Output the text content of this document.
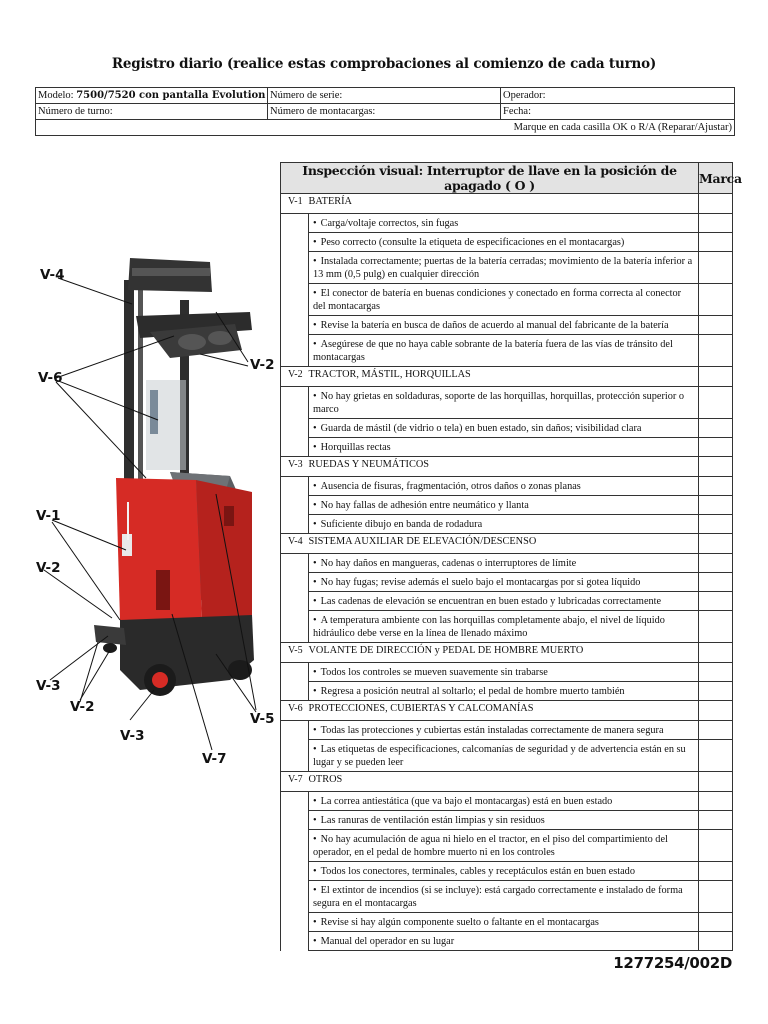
Registro diario (realice estas comprobaciones al comienzo de cada turno)
Modelo: 7500/7520 con pantalla Evolution	Número de serie:	Operador:
Número de turno:	Número de montacargas:	Fecha:
Marque en cada casilla OK o R/A (Reparar/Ajustar)		
V-4
V-6
V-2
V-1
V-2
V-3
V-2
V-3
V-7
V-5
Inspección visual: Interruptor de llave en la posición de apagado ( O )		Marca
V-1	BATERÍA	
	• Carga/voltaje correctos, sin fugas	
	• Peso correcto (consulte la etiqueta de especificaciones en el montacargas)	
	• Instalada correctamente; puertas de la batería cerradas; movimiento de la batería inferior a 13 mm (0,5 pulg) en cualquier dirección	
	• El conector de batería en buenas condiciones y conectado en forma correcta al conector del montacargas	
	• Revise la batería en busca de daños de acuerdo al manual del fabricante de la batería	
	• Asegúrese de que no haya cable sobrante de la batería fuera de las vías de tránsito del montacargas	
V-2	TRACTOR, MÁSTIL, HORQUILLAS	
	• No hay grietas en soldaduras, soporte de las horquillas, horquillas, protección superior o marco	
	• Guarda de mástil (de vidrio o tela) en buen estado, sin daños; visibilidad clara	
	• Horquillas rectas	
V-3	RUEDAS Y NEUMÁTICOS	
	• Ausencia de fisuras, fragmentación, otros daños o zonas planas	
	• No hay fallas de adhesión entre neumático y llanta	
	• Suficiente dibujo en banda de rodadura	
V-4	SISTEMA AUXILIAR DE ELEVACIÓN/DESCENSO	
	• No hay daños en mangueras, cadenas o interruptores de límite	
	• No hay fugas; revise además el suelo bajo el montacargas por si gotea líquido	
	• Las cadenas de elevación se encuentran en buen estado y lubricadas correctamente	
	• A temperatura ambiente con las horquillas completamente abajo, el nivel de líquido hidráulico debe verse en la línea de llenado máximo	
V-5	VOLANTE DE DIRECCIÓN y PEDAL DE HOMBRE MUERTO	
	• Todos los controles se mueven suavemente sin trabarse	
	• Regresa a posición neutral al soltarlo; el pedal de hombre muerto también	
V-6	PROTECCIONES, CUBIERTAS Y CALCOMANÍAS	
	• Todas las protecciones y cubiertas están instaladas correctamente de manera segura	
	• Las etiquetas de especificaciones, calcomanías de seguridad y de advertencia están en su lugar y se pueden leer	
V-7	OTROS	
	• La correa antiestática (que va bajo el montacargas) está en buen estado	
	• Las ranuras de ventilación están limpias y sin residuos	
	• No hay acumulación de agua ni hielo en el tractor, en el piso del compartimiento del operador, en el pedal de hombre muerto ni en los controles	
	• Todos los conectores, terminales, cables y receptáculos están en buen estado	
	• El extintor de incendios (si se incluye): está cargado correctamente e instalado de forma segura en el montacargas	
	• Revise si hay algún componente suelto o faltante en el montacargas	
	• Manual del operador en su lugar	
1277254/002D
